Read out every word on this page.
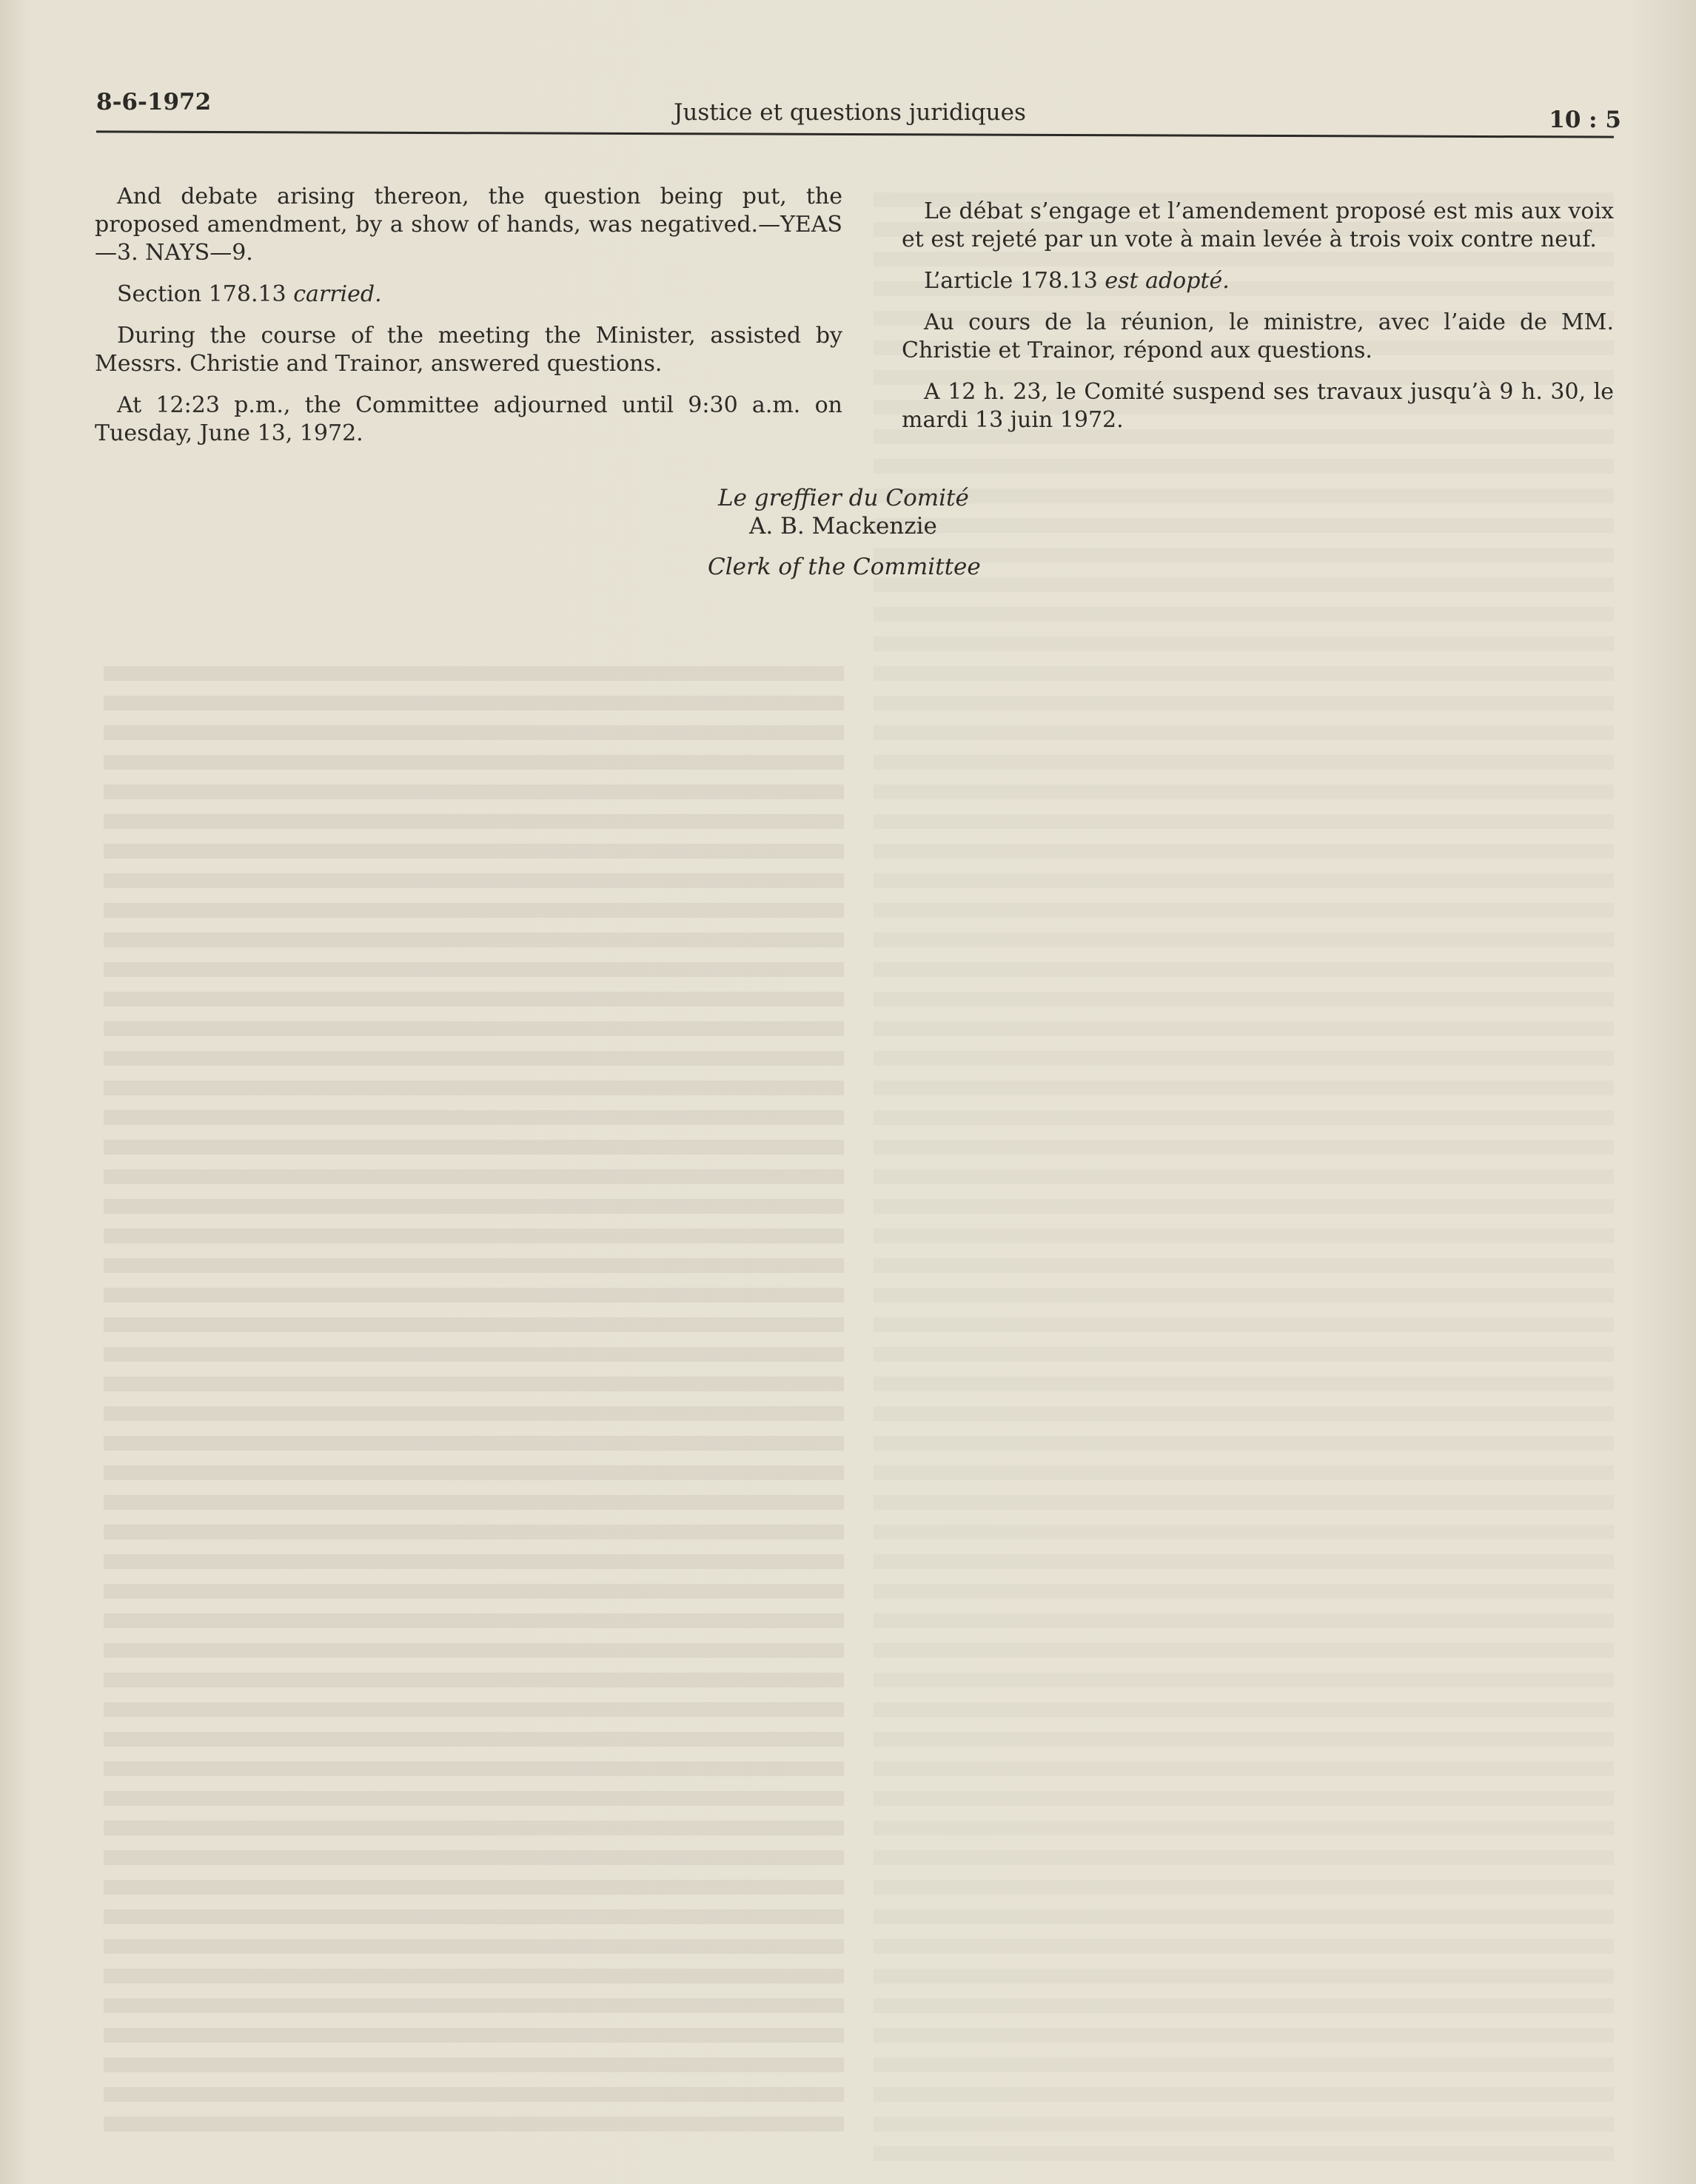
8-6-1972	Justice et questions juridiques	10 : 5

And debate arising thereon, the question being put, the proposed amendment, by a show of hands, was negatived.—YEAS—3. NAYS—9.

Section 178.13 carried.

During the course of the meeting the Minister, assisted by Messrs. Christie and Trainor, answered questions.

At 12:23 p.m., the Committee adjourned until 9:30 a.m. on Tuesday, June 13, 1972.

Le débat s’engage et l’amendement proposé est mis aux voix et est rejeté par un vote à main levée à trois voix contre neuf.

L’article 178.13 est adopté.

Au cours de la réunion, le ministre, avec l’aide de MM. Christie et Trainor, répond aux questions.

A 12 h. 23, le Comité suspend ses travaux jusqu’à 9 h. 30, le mardi 13 juin 1972.

Le greffier du Comité
A. B. Mackenzie
Clerk of the Committee
